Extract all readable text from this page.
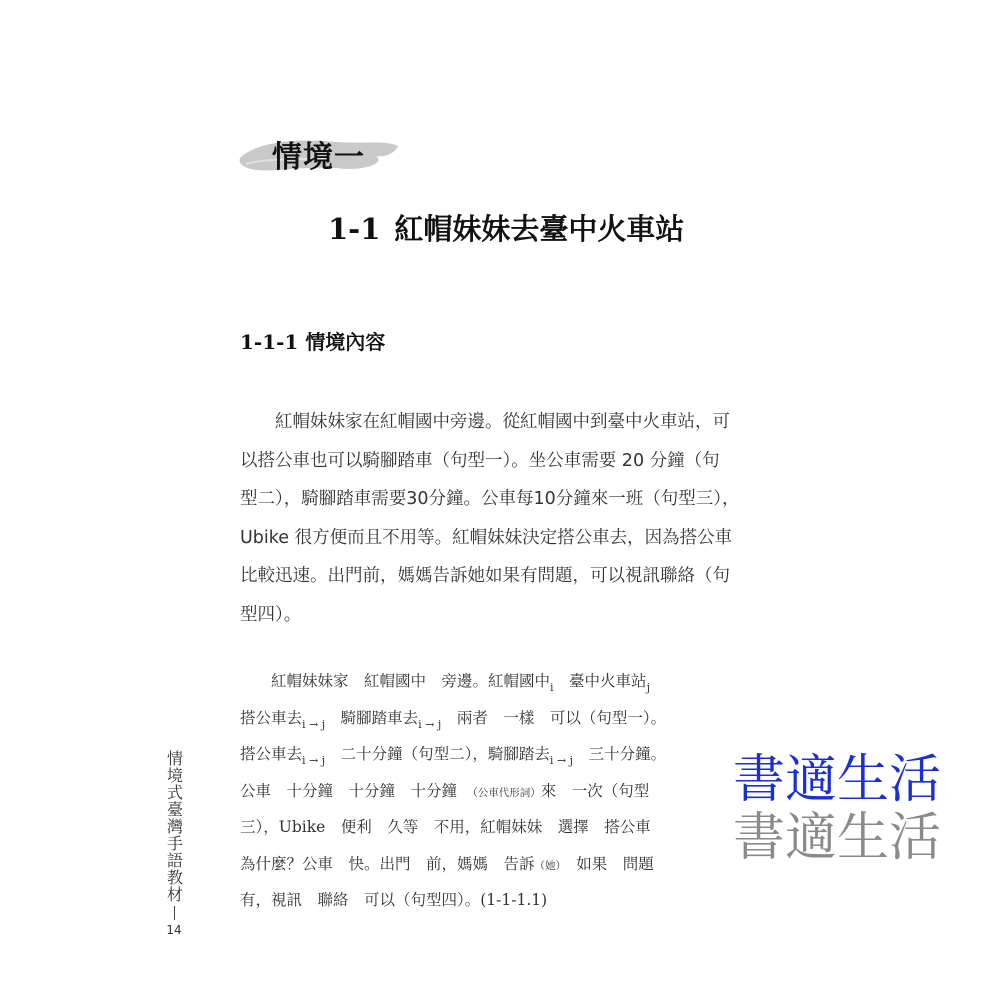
情境一
1-1 紅帽妹妹去臺中火車站
1-1-1 情境內容
　　紅帽妹妹家在紅帽國中旁邊。從紅帽國中到臺中火車站，可
以搭公車也可以騎腳踏車（句型一）。坐公車需要 20 分鐘（句
型二），騎腳踏車需要30分鐘。公車每10分鐘來一班（句型三），
Ubike 很方便而且不用等。紅帽妹妹決定搭公車去，因為搭公車
比較迅速。出門前，媽媽告訴她如果有問題，可以視訊聯絡（句
型四）。
　　紅帽妹妹家　紅帽國中　旁邊。紅帽國中$_i$　臺中火車站$_j$
搭公車去$_{i \to j}$　騎腳踏車去$_{i \to j}$　兩者　一樣　可以（句型一）。
搭公車去$_{i \to j}$　二十分鐘（句型二），騎腳踏去$_{i \to j}$　三十分鐘。
公車　十分鐘　十分鐘　十分鐘　（公車代形詞）來　一次（句型
三），Ubike　便利　久等　不用，紅帽妹妹　選擇　搭公車
為什麼？公車　快。出門　前，媽媽　告訴（她）　如果　問題
有，視訊　聯絡　可以（句型四）。(1-1-1.1)
情境式臺灣手語教材
14
書適生活
書適生活
